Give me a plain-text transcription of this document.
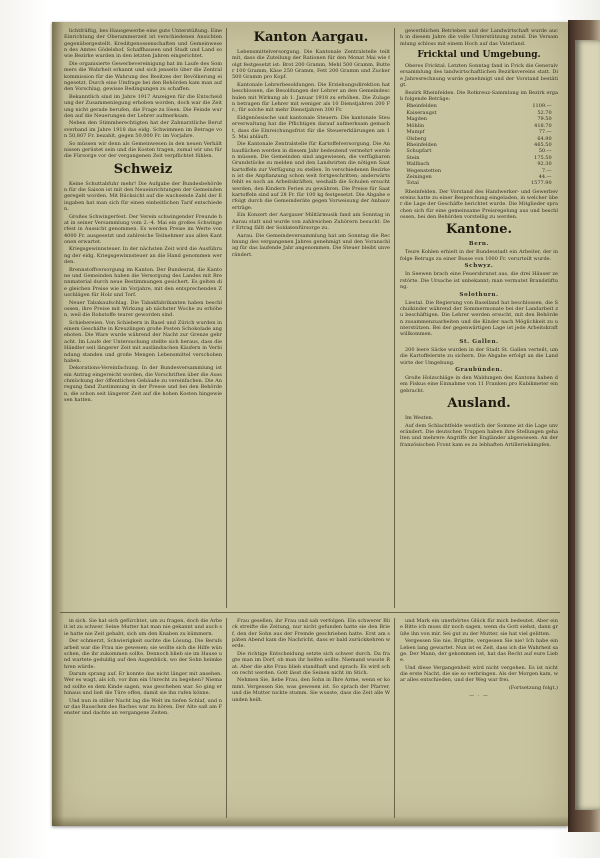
lichtfräftig, bes Hausgewerbe eine gute Unterstüßung. Eine Einrichtung der Oberammerzeit ist verschiedenen Ansichten gegenübergestellt. Kreditgenossenschaften und Gemeinwesen des Amtes Gödelshof, Schaffhausen und Stadt und Land sowie Bezirke wurden in den letzten Jahren eingerichtet.

Die organisierte Gewerbevereinigung hat im Laufe des Sommers die Wahrheit erkannt und sich jenseits über die Zentralkommission für die Wahrung des Besitzes der Bevölkerung eingesetzt. Durch eine Umfrage bei den Behörden kam man auf den Vorschlag, gewisse Bedingungen zu schaffen.

Bekanntlich sind im Jahre 1917 Anzeigen für die Entscheidung der Zusammenlegung erhoben worden, doch war die Zeitung nicht gerade berufen, die Frage zu lösen. Die Feinde wurden auf die Neuerungen der Lehrer aufmerksam.

Neben den Stimmberechtigten hat der Zahnarztliche Berufsverband im Jahre 1918 das eidg. Schwimmen im Betrage von 50,807 Fr. bezahlt, gegen 50,000 Fr. im Vorjahre.

So müssen wir denn als Gemeinwesen in den neuen Verhältnissen gerüstet sein und die Kosten tragen, zumal wir uns für die Fürsorge vor der vergangenen Zeit verpflichtet fühlen.

Schweiz

Keine Schuttabfuhr mehr! Die Aufgabe der Bundesbehörden für die Saison ist mit den Neueinrichtungen der Gemeinden geregelt worden. Mit Rücksicht auf die wachsende Zahl der Eingaben hat man sich für einen einheitlichen Tarif entschieden.

Großes Schwingerfest. Der Verein schwingender Freunde hat in seiner Versammlung vom 2.–4. Mai ein großes Schwingerfest in Aussicht genommen. Es werden Preise im Werte von 4000 Fr. ausgesetzt und zahlreiche Teilnehmer aus allen Kantonen erwartet.

Kriegsgewinnsteuer. In der nächsten Zeit wird die Ausführung der eidg. Kriegsgewinnsteuer an die Hand genommen werden.

Brennstoffversorgung im Kanton. Der Bundesrat, die Kantone und Gemeinden haben die Versorgung des Landes mit Brennmaterial durch neue Bestimmungen gesichert. Es gelten die gleichen Preise wie im Vorjahre, mit den entsprechenden Zuschlägen für Holz und Torf.

Neuer Tabakaufschlag. Die Tabakfabrikanten haben beschlossen, ihre Preise mit Wirkung ab nächster Woche zu erhöhen, weil die Rohstoffe teurer geworden sind.

Schiebereien. Von Schiebern in Basel und Zürich wurden in einem Geschäfte in Kreuzlingen große Posten Schokolade angeboten. Die Ware wurde während der Nacht zur Grenze gebracht. Im Laufe der Untersuchung stellte sich heraus, dass die Händler seit längerer Zeit mit ausländischen Käufern in Verbindung standen und große Mengen Lebensmittel verschoben haben.

Dekorations-Vereinfachung. In der Bundesversammlung ist ein Antrag eingereicht worden, die Vorschriften über die Ausschmückung der öffentlichen Gebäude zu vereinfachen. Die Anregung fand Zustimmung in der Presse und bei den Behörden, die schon seit längerer Zeit auf die hohen Kosten hingewiesen hatten.

Kanton Aargau.

Lebensmittelversorgung. Die Kantonale Zentralstelle teilt mit, dass die Zuteilung der Rationen für den Monat Mai wie folgt festgesetzt ist: Brot 200 Gramm, Mehl 500 Gramm, Butter 100 Gramm, Käse 250 Gramm, Fett 200 Gramm und Zucker 500 Gramm pro Kopf.

Kantonale Lehrerbesoldungen. Die Erziehungsdirektion hat beschlossen, die Besoldungen der Lehrer an den Gemeindeschulen mit Wirkung ab 1. Januar 1918 zu erhöhen. Die Zulagen betragen für Lehrer mit weniger als 10 Dienstjahren 200 Fr., für solche mit mehr Dienstjahren 300 Fr.

Eidgenössische und kantonale Steuern. Die kantonale Steuerverwaltung hat die Pflichtigen darauf aufmerksam gemacht, dass die Einreichungsfrist für die Steuererklärungen am 15. Mai abläuft.

Die Kantonale Zentralstelle für Kartoffelversorgung. Die Anbauflächen werden in diesem Jahr bedeutend vermehrt werden müssen. Die Gemeinden sind angewiesen, die verfügbaren Grundstücke zu melden und den Landwirten die nötigen Saatkartoffeln zur Verfügung zu stellen. In verschiedenen Bezirken ist die Anpflanzung schon weit fortgeschritten; anderwärts fehlt es noch an Arbeitskräften, weshalb die Schulen ersucht werden, den Kindern Ferien zu gewähren. Die Preise für Saatkartoffeln sind auf 28 Fr. für 100 kg festgesetzt. Die Abgabe erfolgt durch die Gemeinderäte gegen Vorweisung der Anbauverträge.

Ein Konzert der Aargauer Militärmusik fand am Sonntag in Aarau statt und wurde von zahlreichen Zuhörern besucht. Der Ertrag fällt der Soldatenfürsorge zu.

Aarau. Die Gemeindeversammlung hat am Sonntag die Rechnung des vergangenen Jahres genehmigt und den Voranschlag für das laufende Jahr angenommen. Die Steuer bleibt unverändert.

gewerblichen Betrieben und der Landwirtschaft wurde auch in diesem Jahre die volle Unterstützung zuteil. Die Versammlung schloss mit einem Hoch auf das Vaterland.

Fricktal und Umgebung.

Oberes Fricktal. Letzten Sonntag fand in Frick die Generalversammlung des landwirtschaftlichen Bezirksvereins statt. Die Jahresrechnung wurde genehmigt und der Vorstand bestätigt.

Bezirk Rheinfelden. Die Rotkreuz-Sammlung im Bezirk ergab folgende Beträge:

Rheinfelden	1109.—
Kaiseraugst	52.70
Magden	79.50
Möhlin	418.70
Mumpf	77.—
Olsberg	64.90
Rheinfelden	465.50
Schupfart	50.—
Stein	175.50
Wallbach	92.30
Wegenstetten	7.—
Zeiningen	44.—
Total	1577.90

Rheinfelden. Der Vorstand des Handwerker- und Gewerbevereins hatte zu einer Besprechung eingeladen, in welcher über die Lage der Geschäfte berichtet wurde. Die Mitglieder sprachen sich für eine gemeinsame Preisregelung aus und beschlossen, bei den Behörden vorstellig zu werden.

Kantone.
Bern.

Teure Kohlen erhielt in der Bundesstadt ein Arbeiter, der infolge Betrugs zu einer Busse von 1000 Fr. verurteilt wurde.

Schwyz.

In Seewen brach eine Feuersbrunst aus, die drei Häuser zerstörte. Die Ursache ist unbekannt; man vermutet Brandstiftung.

Solothurn.

Liestal. Die Regierung von Baselland hat beschlossen, die Schulkinder während der Sommermonate bei der Landarbeit zu beschäftigen. Die Lehrer werden ersucht, mit den Behörden zusammenzuarbeiten und die Kinder nach Möglichkeit zu unterstützen. Bei der gegenwärtigen Lage ist jede Arbeitskraft willkommen.

St. Gallen.

200 leere Säcke wurden in der Stadt St. Gallen verteilt, um die Kartoffelernte zu sichern. Die Abgabe erfolgt an die Landwirte der Umgebung.

Graubünden.

Große Holzschläge in den Waldungen des Kantons haben dem Fiskus eine Einnahme von 11 Franken pro Kubikmeter eingebracht.

Ausland.

Im Westen.

Auf dem Schlachtfelde westlich der Somme ist die Lage unverändert. Die deutschen Truppen haben ihre Stellungen gehalten und mehrere Angriffe der Engländer abgewiesen. An der französischen Front kam es zu lebhaften Artilleriekämpfen.

in sich. Sie hat sich gefürchtet, um zu fragen, doch die Arbeit ist zu schwer. Seine Mutter hat man nie gekannt und auch sie hatte nie Zeit gehabt, sich um den Knaben zu kümmern.

Der schmerzt, Schwierigkeit suchte die Lösung. Die Berufsarbeit war die Frau nie gewesen; sie wollte sich die Hilfe wünschen, die ihr zukommen sollte. Dennoch blieb sie im Hause und wartete geduldig auf den Augenblick, wo der Sohn heimkehren würde.

Darum sprang auf. Er konnte das nicht länger mit ansehen. Wer es wagt, als ich, vor ihm ein Unrecht zu begehen? Niemand sollte es dem Kinde sagen, was geschehen war. So ging er hinaus und ließ die Türe offen, damit sie ihn rufen könne.

Und nun in stiller Nacht lag die Welt im tiefen Schlaf, und nur das Rauschen des Baches war zu hören. Der Alte saß am Fenster und dachte an vergangene Zeiten.

Frau gesellen, ihr Frau und sah verfolgen. Ein schwerer Blick streifte die Zeitung, nur nicht gefunden hatte sie den Brief, den der Sohn aus der Fremde geschrieben hatte. Erst am späten Abend kam die Nachricht, dass er bald zurückkehren werde.

Die richtige Entscheidung setzte sich schwer durch. Da fragte man im Dorf, ob man ihr helfen sollte. Niemand wusste Rat. Aber die alte Frau blieb standhaft und sprach: Es wird schon recht werden. Gott lässt die Seinen nicht im Stich.

Nehmen Sie, liebe Frau, den Sohn in Ihre Arme, wenn er kommt. Vergessen Sie, was gewesen ist. So sprach der Pfarrer, und die Mutter nickte stumm. Sie wusste, dass die Zeit alle Wunden heilt.

und Mark ein unerhörtes Glück für mich bedeutet. Aber eine Bitte ich muss dir noch sagen, wenn du Gott siehst, dann grüße ihn von mir. Sei gut zu der Mutter, sie hat viel gelitten.

Vergessen Sie nie, Brigitte, vergessen Sie nie! Ich habe ein Leben lang gewartet. Nun ist es Zeit, dass ich die Wahrheit sage. Der Mann, der gekommen ist, hat das Recht auf eure Liebe.

Und diese Vergangenheit wird nicht vergehen. Es ist nicht die erste Nacht, die sie so verbringen. Als der Morgen kam, war alles entschieden, und der Weg war frei.

(Fortsetzung folgt.)

— · —
